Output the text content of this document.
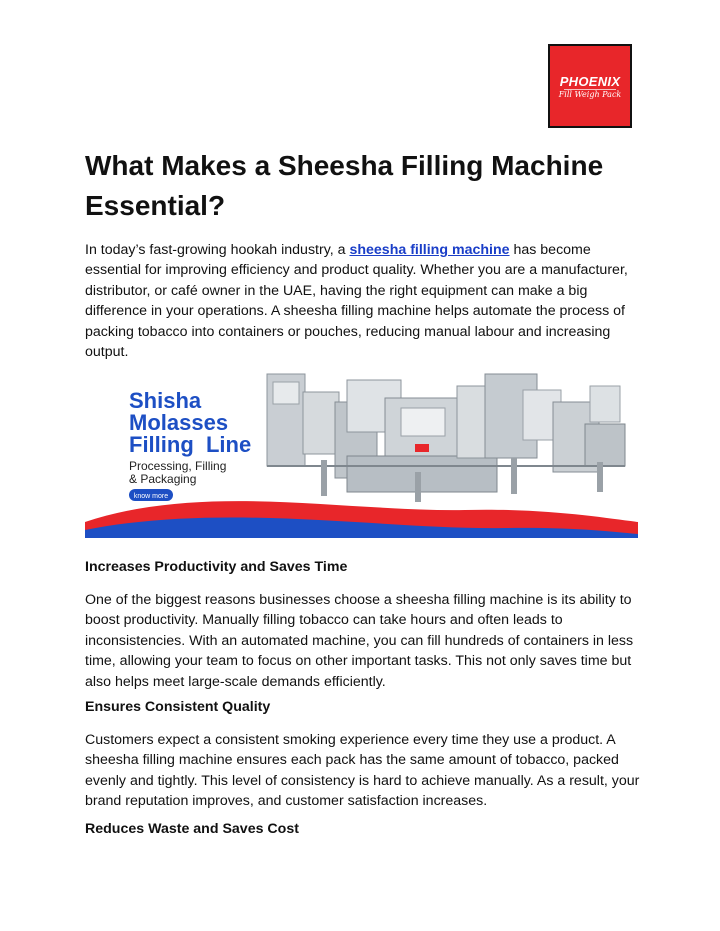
PHOENIX
Fill Weigh Pack
What Makes a Sheesha Filling Machine Essential?

In today’s fast-growing hookah industry, a sheesha filling machine has become essential for improving efficiency and product quality. Whether you are a manufacturer, distributor, or café owner in the UAE, having the right equipment can make a big difference in your operations. A sheesha filling machine helps automate the process of packing tobacco into containers or pouches, reducing manual labour and increasing output.

Shisha
Molasses
Filling  Line
Processing, Filling
& Packaging
know more
Increases Productivity and Saves Time

One of the biggest reasons businesses choose a sheesha filling machine is its ability to boost productivity. Manually filling tobacco can take hours and often leads to inconsistencies. With an automated machine, you can fill hundreds of containers in less time, allowing your team to focus on other important tasks. This not only saves time but also helps meet large-scale demands efficiently.

Ensures Consistent Quality

Customers expect a consistent smoking experience every time they use a product. A sheesha filling machine ensures each pack has the same amount of tobacco, packed evenly and tightly. This level of consistency is hard to achieve manually. As a result, your brand reputation improves, and customer satisfaction increases.

Reduces Waste and Saves Cost
